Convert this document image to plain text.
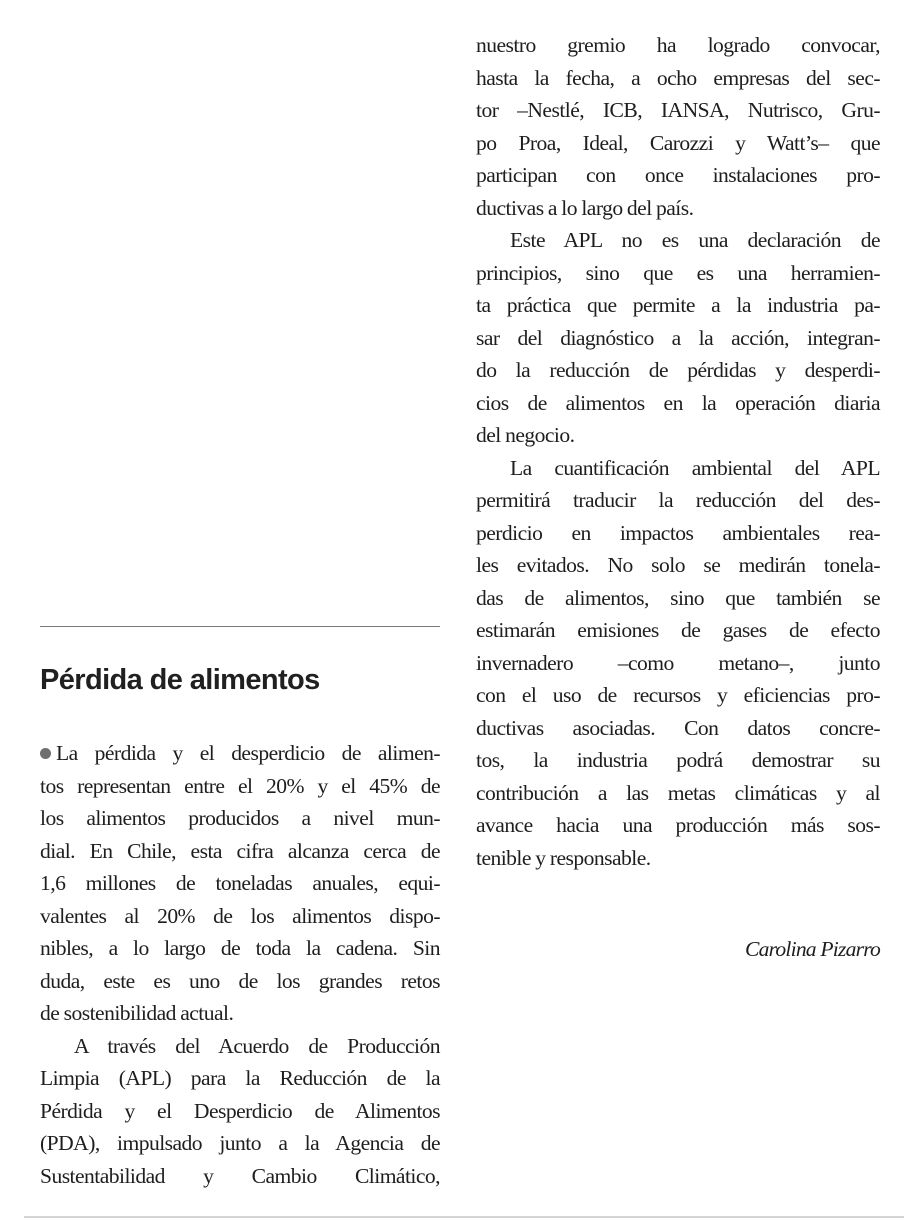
Pérdida de alimentos
La pérdida y el desperdicio de alimen-
tos representan entre el 20% y el 45% de
los alimentos producidos a nivel mun-
dial. En Chile, esta cifra alcanza cerca de
1,6 millones de toneladas anuales, equi-
valentes al 20% de los alimentos dispo-
nibles, a lo largo de toda la cadena. Sin
duda, este es uno de los grandes retos
de sostenibilidad actual.
A través del Acuerdo de Producción
Limpia (APL) para la Reducción de la
Pérdida y el Desperdicio de Alimentos
(PDA), impulsado junto a la Agencia de
Sustentabilidad y Cambio Climático,
nuestro gremio ha logrado convocar,
hasta la fecha, a ocho empresas del sec-
tor –Nestlé, ICB, IANSA, Nutrisco, Gru-
po Proa, Ideal, Carozzi y Watt’s– que
participan con once instalaciones pro-
ductivas a lo largo del país.
Este APL no es una declaración de
principios, sino que es una herramien-
ta práctica que permite a la industria pa-
sar del diagnóstico a la acción, integran-
do la reducción de pérdidas y desperdi-
cios de alimentos en la operación diaria
del negocio.
La cuantificación ambiental del APL
permitirá traducir la reducción del des-
perdicio en impactos ambientales rea-
les evitados. No solo se medirán tonela-
das de alimentos, sino que también se
estimarán emisiones de gases de efecto
invernadero –como metano–, junto
con el uso de recursos y eficiencias pro-
ductivas asociadas. Con datos concre-
tos, la industria podrá demostrar su
contribución a las metas climáticas y al
avance hacia una producción más sos-
tenible y responsable.

Carolina Pizarro
